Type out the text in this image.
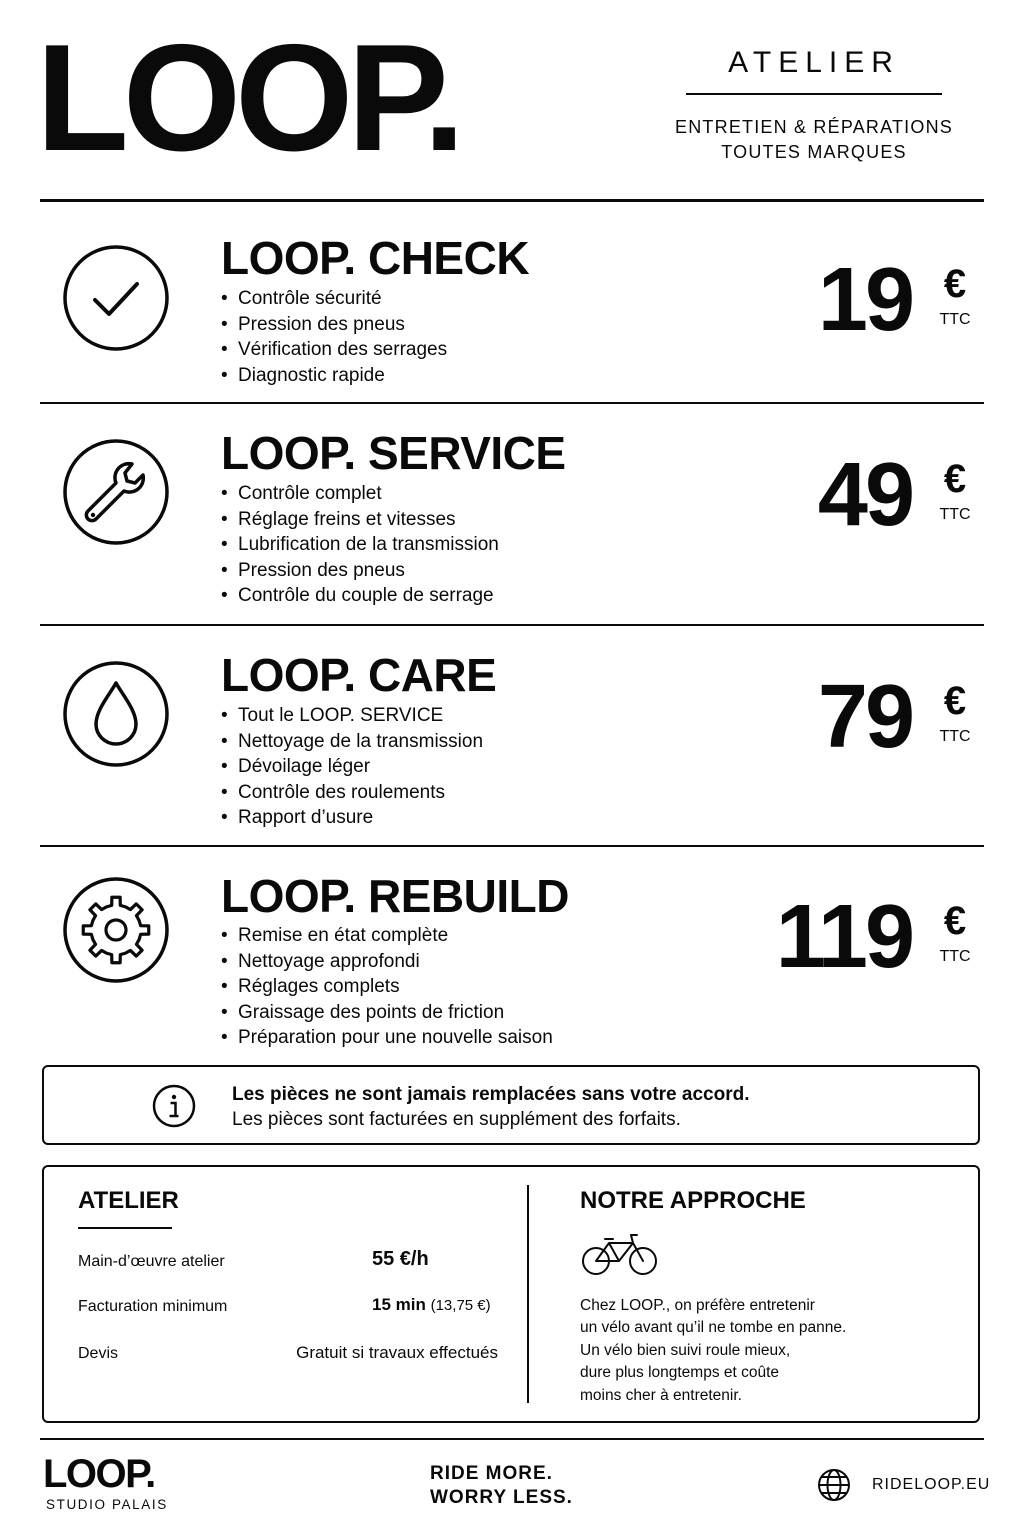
LOOP.	ATELIER
ENTRETIEN & RÉPARATIONS
TOUTES MARQUES
LOOP. CHECK
• Contrôle sécurité
• Pression des pneus
• Vérification des serrages
• Diagnostic rapide
19 €
TTC
LOOP. SERVICE
• Contrôle complet
• Réglage freins et vitesses
• Lubrification de la transmission
• Pression des pneus
• Contrôle du couple de serrage
49 €
TTC
LOOP. CARE
• Tout le LOOP. SERVICE
• Nettoyage de la transmission
• Dévoilage léger
• Contrôle des roulements
• Rapport d’usure
79 €
TTC
LOOP. REBUILD
• Remise en état complète
• Nettoyage approfondi
• Réglages complets
• Graissage des points de friction
• Préparation pour une nouvelle saison
119 €
TTC
Les pièces ne sont jamais remplacées sans votre accord.
Les pièces sont facturées en supplément des forfaits.
ATELIER
Main-d’œuvre atelier	55 €/h
Facturation minimum	15 min (13,75 €)
Devis	Gratuit si travaux effectués
NOTRE APPROCHE
Chez LOOP., on préfère entretenir
un vélo avant qu’il ne tombe en panne.
Un vélo bien suivi roule mieux,
dure plus longtemps et coûte
moins cher à entretenir.
LOOP.
STUDIO PALAIS
RIDE MORE.
WORRY LESS.
RIDELOOP.EU
